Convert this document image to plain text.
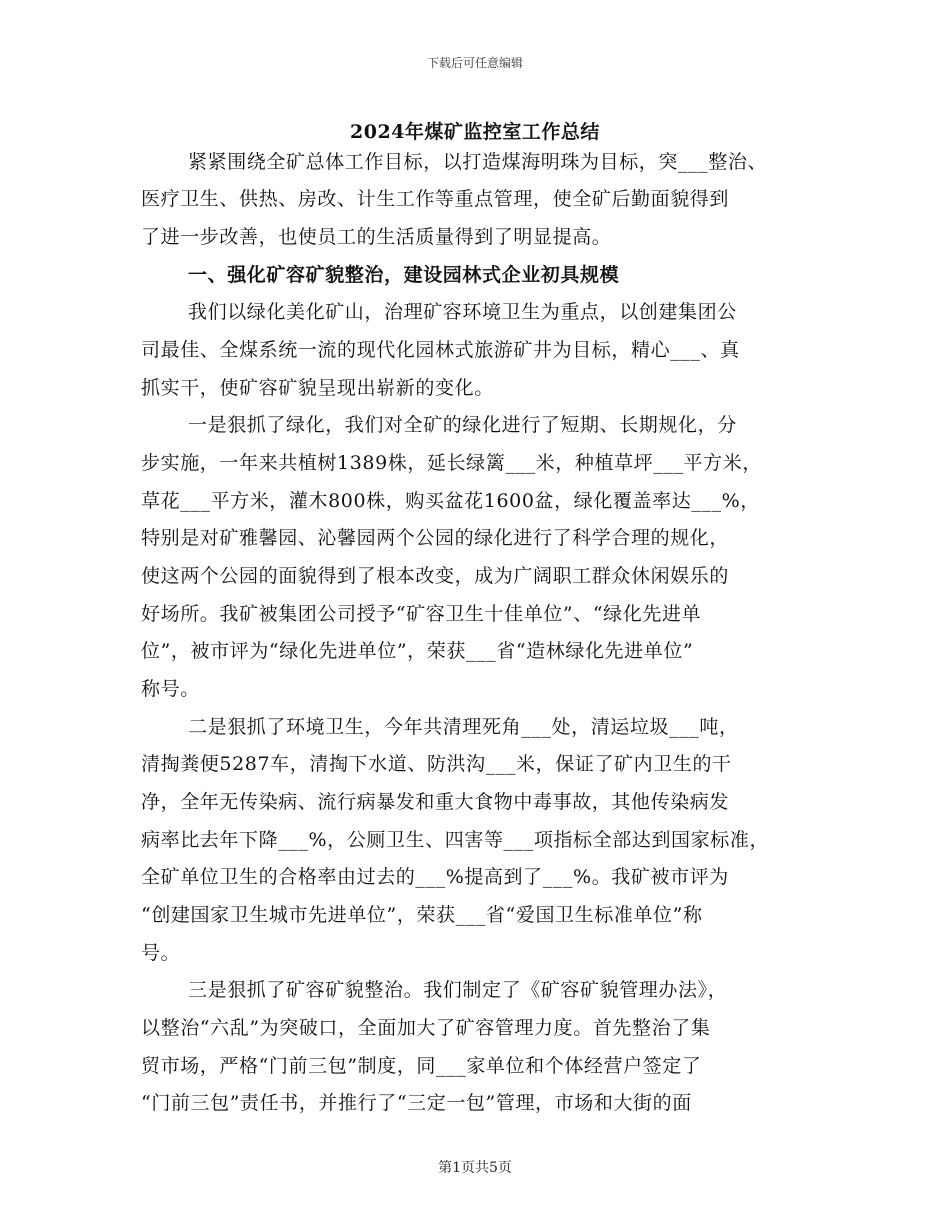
下载后可任意编辑
2024年煤矿监控室工作总结
紧紧围绕全矿总体工作目标，以打造煤海明珠为目标，突___整治、
医疗卫生、供热、房改、计生工作等重点管理，使全矿后勤面貌得到
了进一步改善，也使员工的生活质量得到了明显提高。
一、强化矿容矿貌整治，建设园林式企业初具规模
我们以绿化美化矿山，治理矿容环境卫生为重点，以创建集团公
司最佳、全煤系统一流的现代化园林式旅游矿井为目标，精心___、真
抓实干，使矿容矿貌呈现出崭新的变化。
一是狠抓了绿化，我们对全矿的绿化进行了短期、长期规化，分
步实施，一年来共植树1389株，延长绿篱___米，种植草坪___平方米，
草花___平方米，灌木800株，购买盆花1600盆，绿化覆盖率达___%，
特别是对矿雅馨园、沁馨园两个公园的绿化进行了科学合理的规化，
使这两个公园的面貌得到了根本改变，成为广阔职工群众休闲娱乐的
好场所。我矿被集团公司授予“矿容卫生十佳单位”、“绿化先进单
位”，被市评为“绿化先进单位”，荣获___省“造林绿化先进单位”
称号。
二是狠抓了环境卫生，今年共清理死角___处，清运垃圾___吨，
清掏粪便5287车，清掏下水道、防洪沟___米，保证了矿内卫生的干
净，全年无传染病、流行病暴发和重大食物中毒事故，其他传染病发
病率比去年下降___%，公厕卫生、四害等___项指标全部达到国家标准，
全矿单位卫生的合格率由过去的___%提高到了___%。我矿被市评为
“创建国家卫生城市先进单位”，荣获___省“爱国卫生标准单位”称
号。
三是狠抓了矿容矿貌整治。我们制定了《矿容矿貌管理办法》，
以整治“六乱”为突破口，全面加大了矿容管理力度。首先整治了集
贸市场，严格“门前三包”制度，同___家单位和个体经营户签定了
“门前三包”责任书，并推行了“三定一包”管理，市场和大街的面
第1页共5页
